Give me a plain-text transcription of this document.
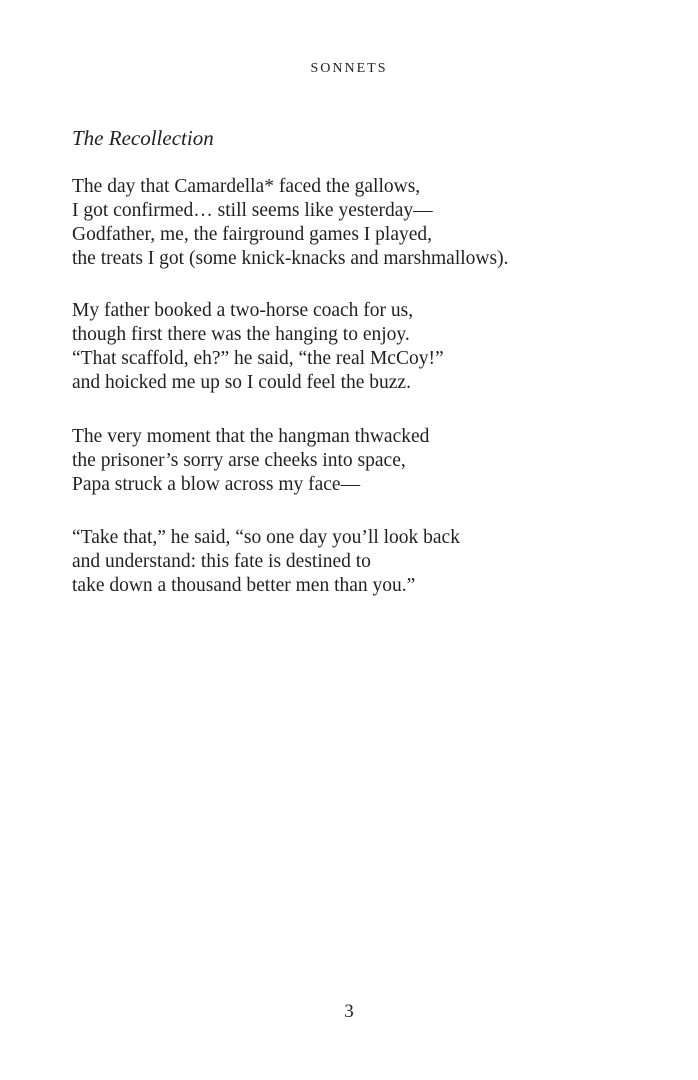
SONNETS
The Recollection

The day that Camardella* faced the gallows,
I got confirmed… still seems like yesterday—
Godfather, me, the fairground games I played,
the treats I got (some knick-knacks and marshmallows).

My father booked a two-horse coach for us,
though first there was the hanging to enjoy.
“That scaffold, eh?” he said, “the real McCoy!”
and hoicked me up so I could feel the buzz.

The very moment that the hangman thwacked
the prisoner’s sorry arse cheeks into space,
Papa struck a blow across my face—

“Take that,” he said, “so one day you’ll look back
and understand: this fate is destined to
take down a thousand better men than you.”

3
